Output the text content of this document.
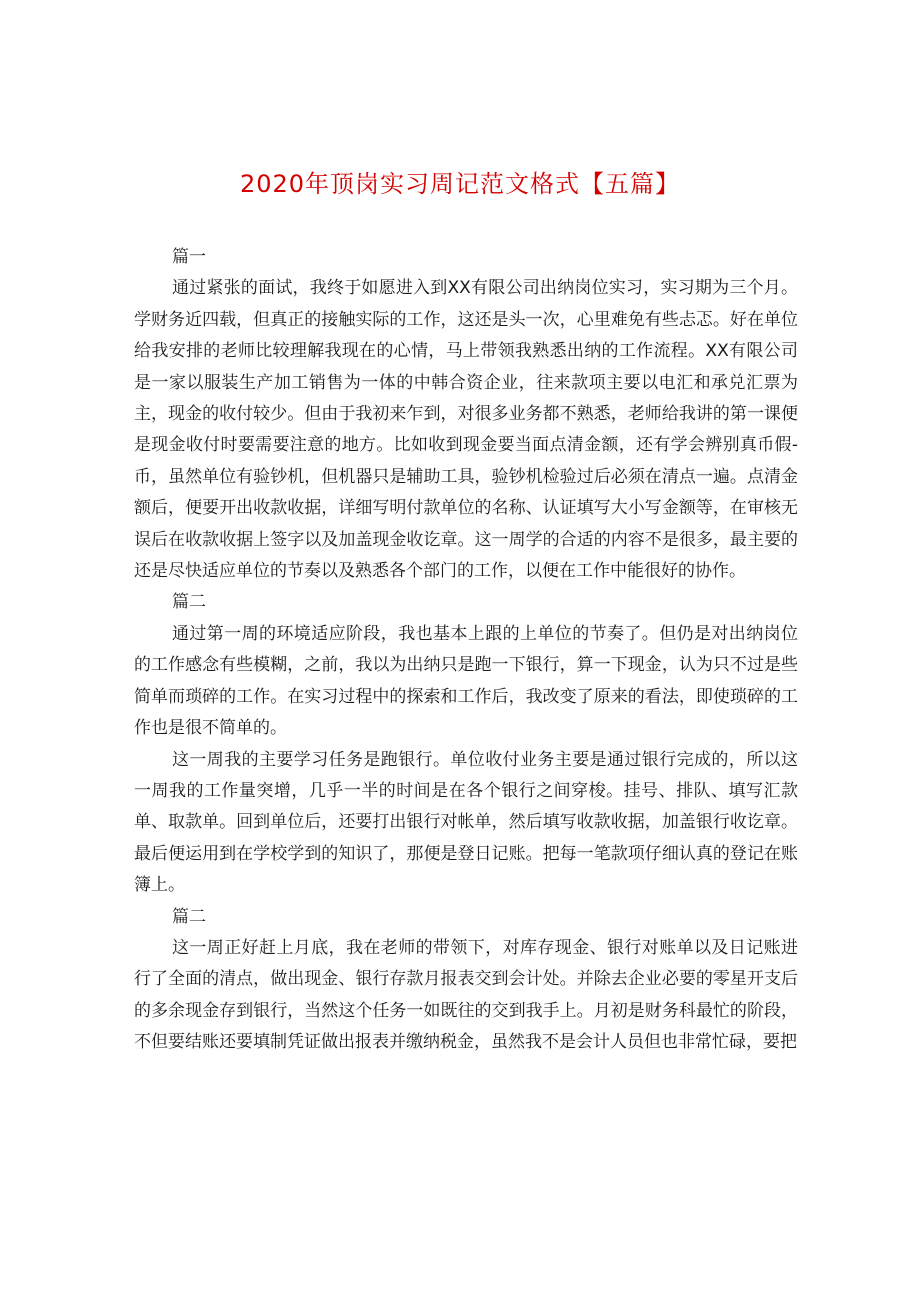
2020年顶岗实习周记范文格式【五篇】
篇一

通过紧张的面试，我终于如愿进入到XX有限公司出纳岗位实习，实习期为三个月。学财务近四载，但真正的接触实际的工作，这还是头一次，心里难免有些忐忑。好在单位给我安排的老师比较理解我现在的心情，马上带领我熟悉出纳的工作流程。XX有限公司是一家以服装生产加工销售为一体的中韩合资企业，往来款项主要以电汇和承兑汇票为主，现金的收付较少。但由于我初来乍到，对很多业务都不熟悉，老师给我讲的第一课便是现金收付时要需要注意的地方。比如收到现金要当面点清金额，还有学会辨别真币假-币，虽然单位有验钞机，但机器只是辅助工具，验钞机检验过后必须在清点一遍。点清金额后，便要开出收款收据，详细写明付款单位的名称、认证填写大小写金额等，在审核无误后在收款收据上签字以及加盖现金收讫章。这一周学的合适的内容不是很多，最主要的还是尽快适应单位的节奏以及熟悉各个部门的工作，以便在工作中能很好的协作。

篇二

通过第一周的环境适应阶段，我也基本上跟的上单位的节奏了。但仍是对出纳岗位的工作感念有些模糊，之前，我以为出纳只是跑一下银行，算一下现金，认为只不过是些简单而琐碎的工作。在实习过程中的探索和工作后，我改变了原来的看法，即使琐碎的工作也是很不简单的。

这一周我的主要学习任务是跑银行。单位收付业务主要是通过银行完成的，所以这一周我的工作量突增，几乎一半的时间是在各个银行之间穿梭。挂号、排队、填写汇款单、取款单。回到单位后，还要打出银行对帐单，然后填写收款收据，加盖银行收讫章。最后便运用到在学校学到的知识了，那便是登日记账。把每一笔款项仔细认真的登记在账簿上。

篇二

这一周正好赶上月底，我在老师的带领下，对库存现金、银行对账单以及日记账进行了全面的清点，做出现金、银行存款月报表交到会计处。并除去企业必要的零星开支后的多余现金存到银行，当然这个任务一如既往的交到我手上。月初是财务科最忙的阶段，不但要结账还要填制凭证做出报表并缴纳税金，虽然我不是会计人员但也非常忙碌，要把
